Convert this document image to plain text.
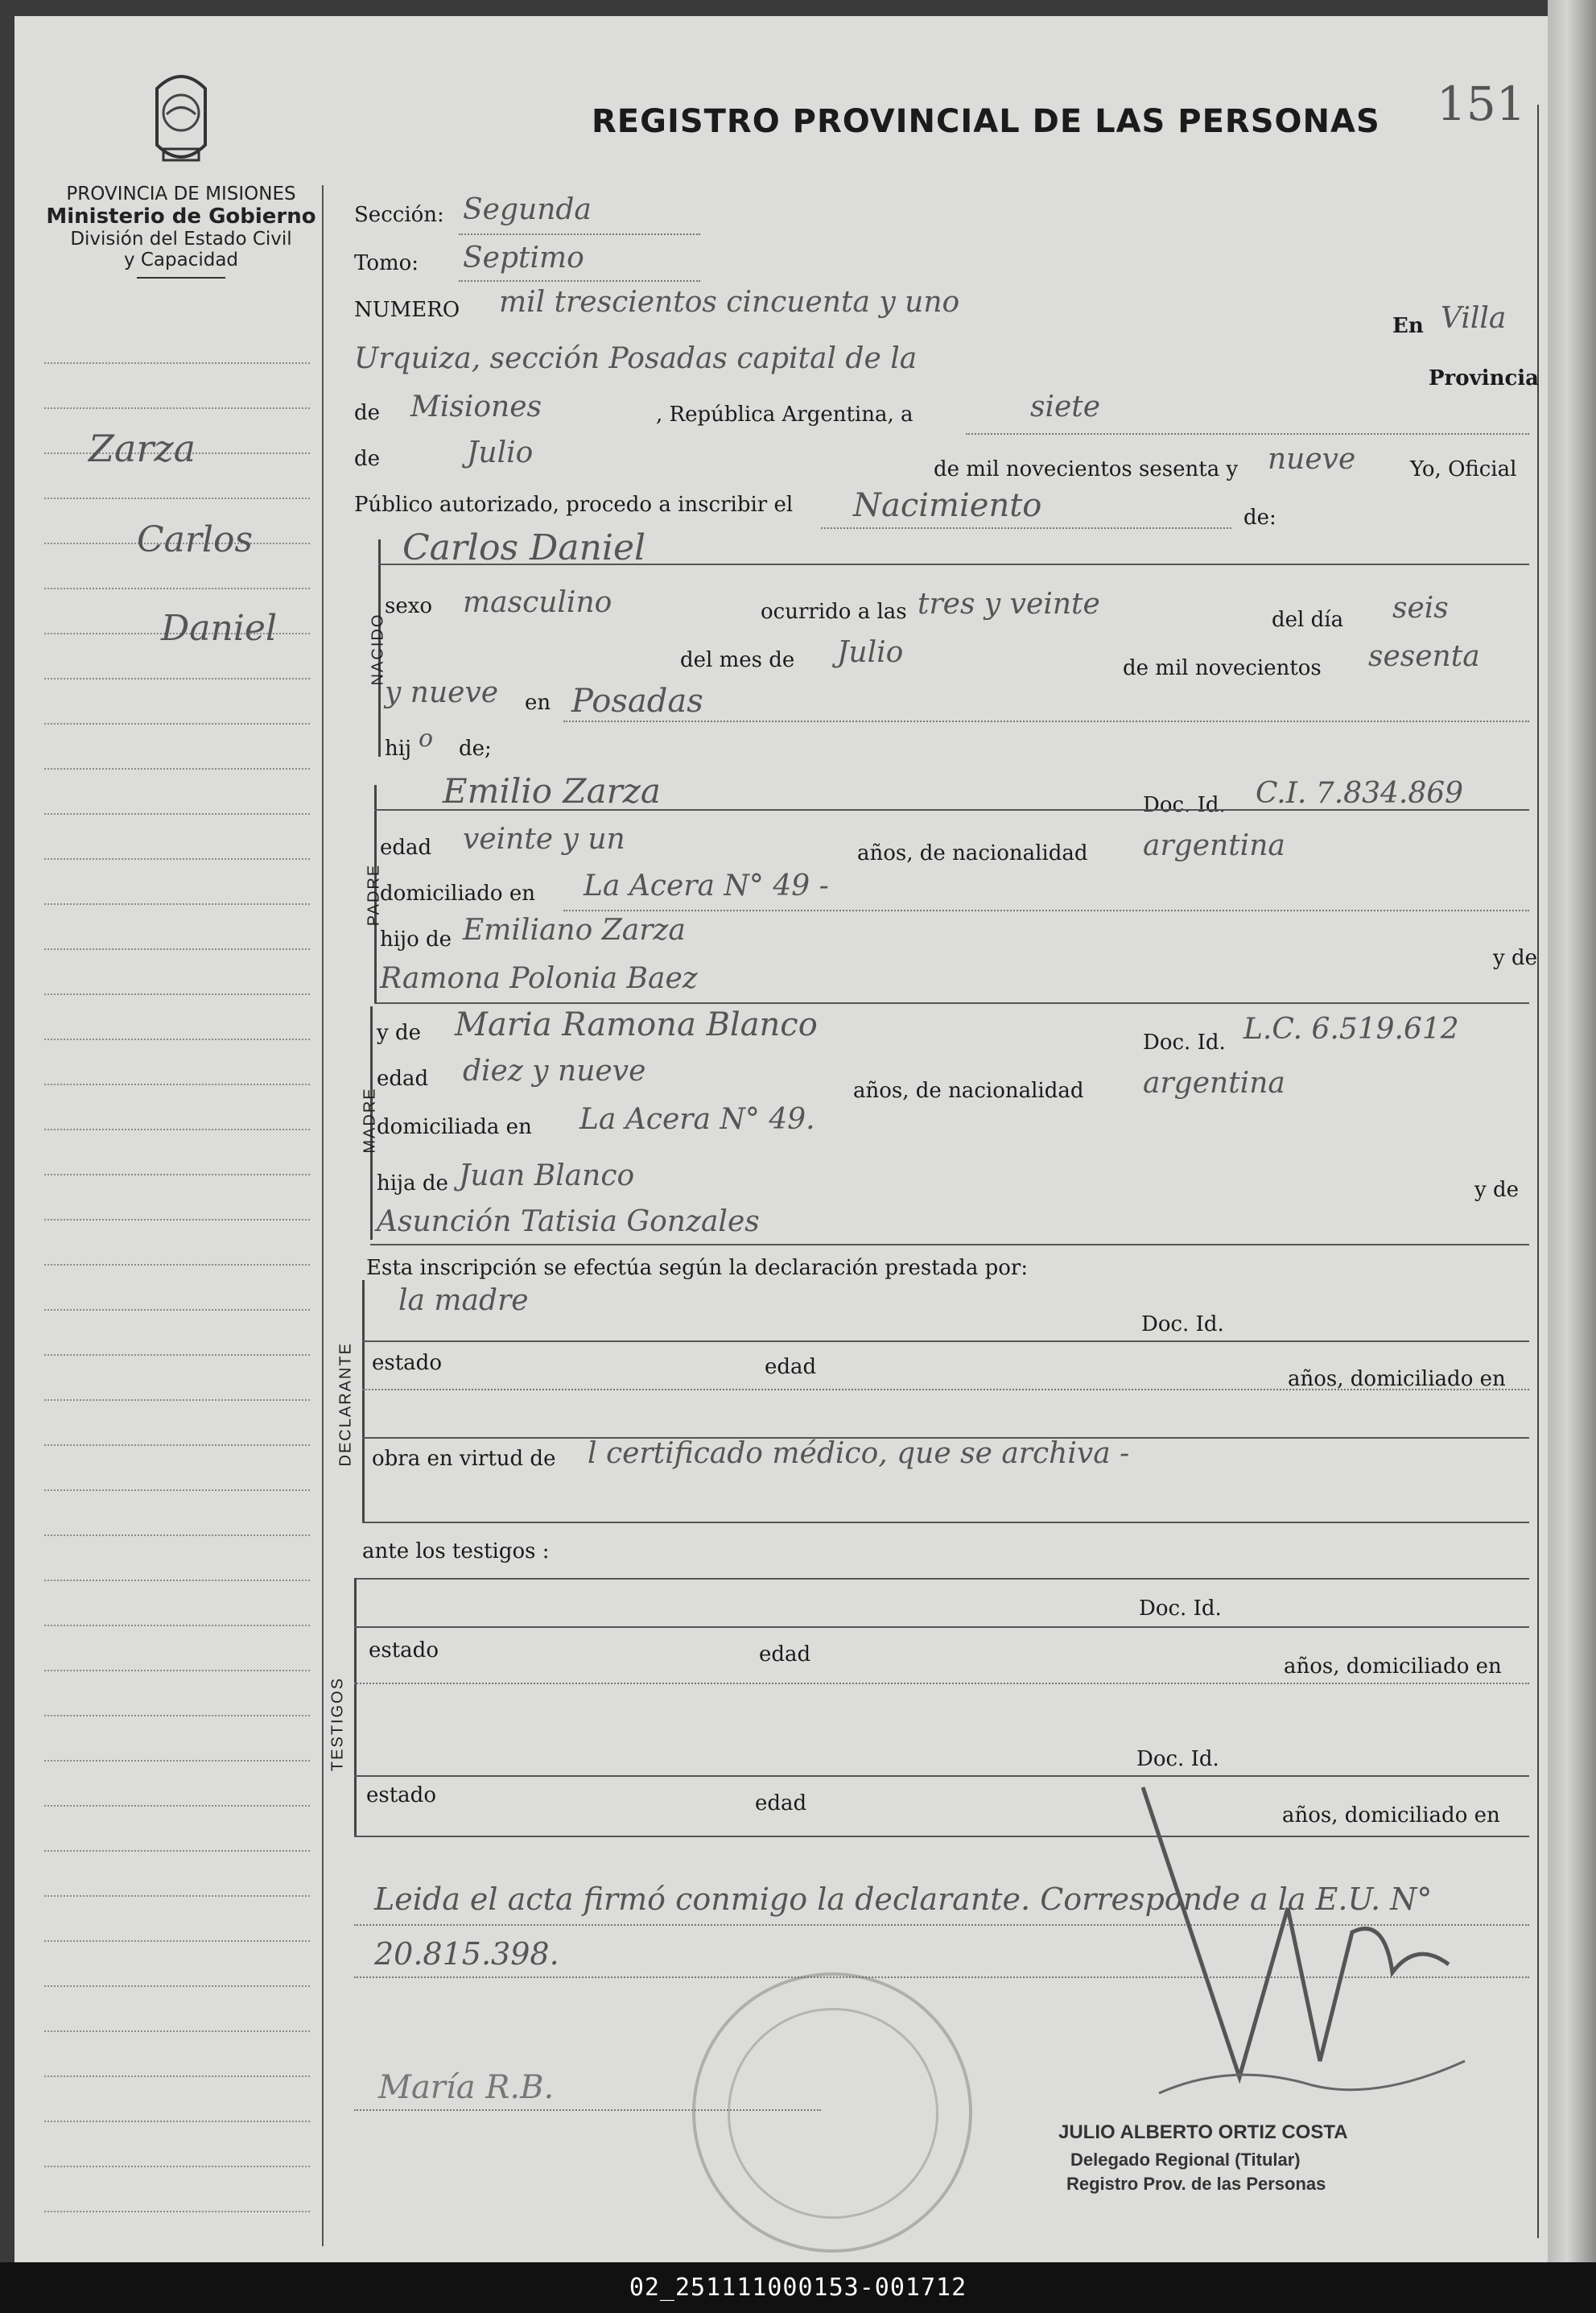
REGISTRO PROVINCIAL DE LAS PERSONAS 151
PROVINCIA DE MISIONES
Ministerio de Gobierno
División del Estado Civil
y Capacidad
Zarza
Carlos
Daniel
Sección: Segunda
Tomo: Septimo
NUMERO mil trescientos cincuenta y uno
En Villa
Urquiza, sección Posadas capital de la
Provincia
de Misiones	, República Argentina, a	siete
de	Julio	de mil novecientos sesenta y nueve	Yo, Oficial
Público autorizado, procedo a inscribir el Nacimiento	de:
NACIDO
Carlos Daniel
sexo masculino	ocurrido a las tres y veinte	del día seis
del mes de Julio	de mil novecientos sesenta
y nueve en Posadas
hij o de;
PADRE
Emilio Zarza	Doc. Id. C.I. 7.834.869
edad veinte y un	años, de nacionalidad argentina
domiciliado en La Acera N° 49 -
hijo de Emiliano Zarza
y de
Ramona Polonia Baez
MADRE
y de Maria Ramona Blanco	Doc. Id. L.C. 6.519.612
edad diez y nueve
años, de nacionalidad argentina
domiciliada en La Acera N° 49.
hija de Juan Blanco	y de
Asunción Tatisia Gonzales
Esta inscripción se efectúa según la declaración prestada por:
DECLARANTE
la madre
Doc. Id.
estado	edad	años, domiciliado en
obra en virtud de l certificado médico, que se archiva -
ante los testigos :
TESTIGOS
Doc. Id.
estado	edad	años, domiciliado en
Doc. Id.
estado	edad	años, domiciliado en
Leida el acta firmó conmigo la declarante. Corresponde a la E.U. N° 20.815.398.
María R.B.
JULIO ALBERTO ORTIZ COSTA
Delegado Regional (Titular)
Registro Prov. de las Personas
02_251111000153-001712
